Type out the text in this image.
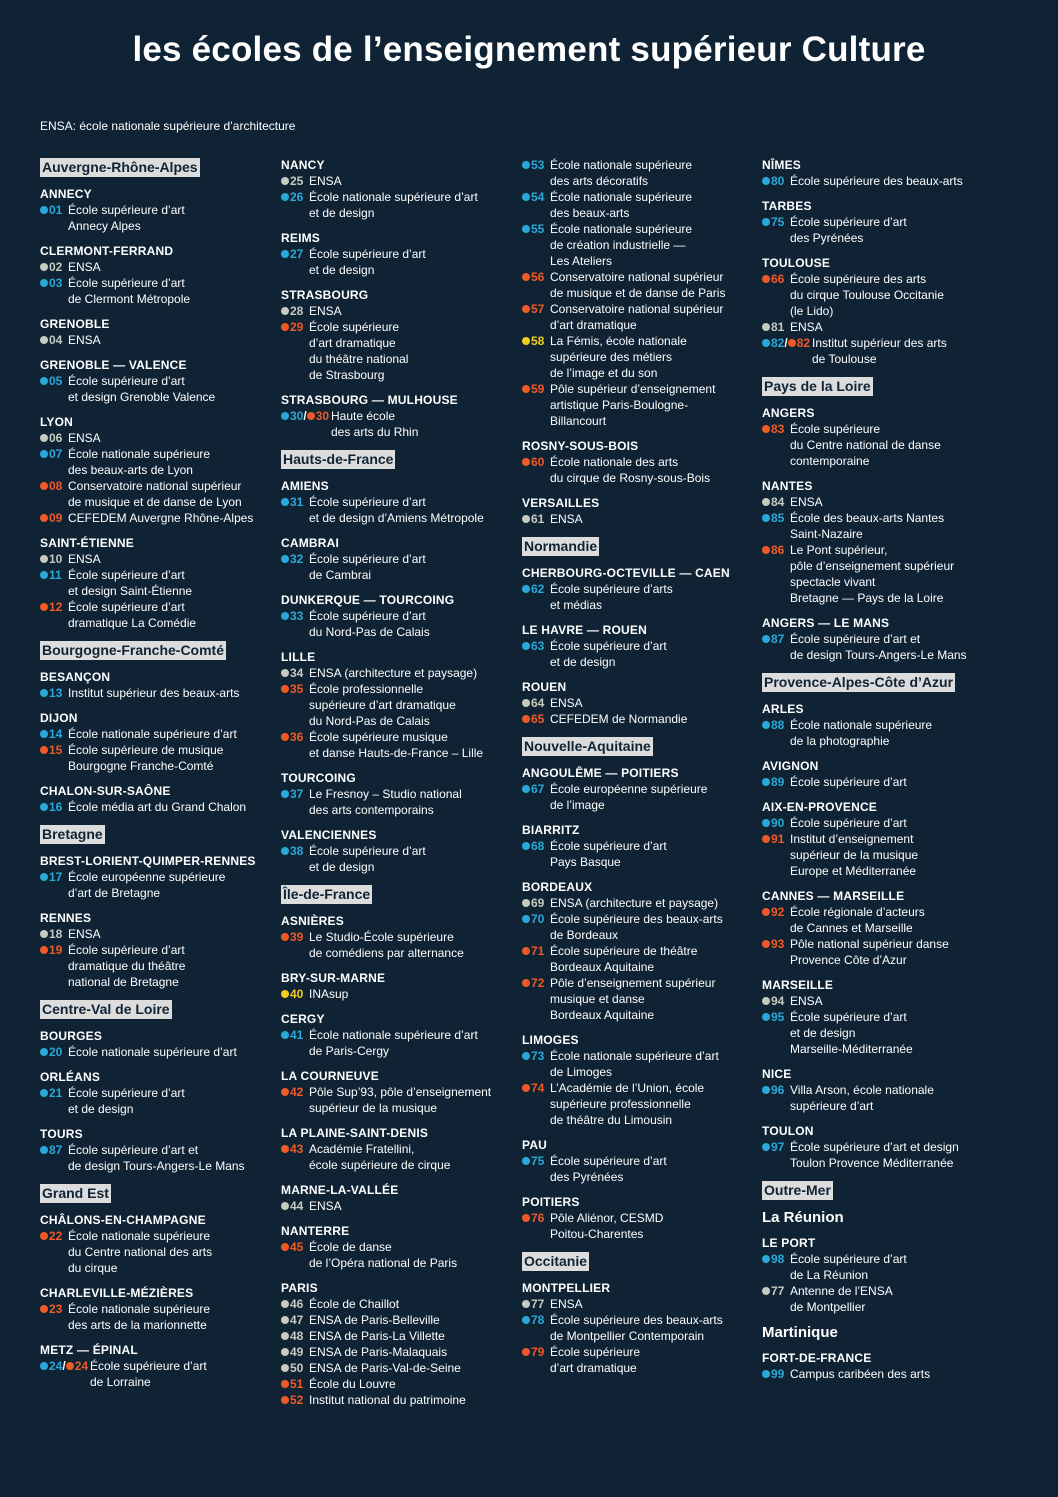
les écoles de l’enseignement supérieur Culture
ENSA: école nationale supérieure d’architecture
Auvergne-Rhône-Alpes
ANNECY
01 École supérieure d’art
Annecy Alpes
CLERMONT-FERRAND
02 ENSA
03 École supérieure d’art
de Clermont Métropole
GRENOBLE
04 ENSA
GRENOBLE — VALENCE
05 École supérieure d’art
et design Grenoble Valence
LYON
06 ENSA
07 École nationale supérieure
des beaux-arts de Lyon
08 Conservatoire national supérieur
de musique et de danse de Lyon
09 CEFEDEM Auvergne Rhône-Alpes
SAINT-ÉTIENNE
10 ENSA
11 École supérieure d’art
et design Saint-Étienne
12 École supérieure d’art
dramatique La Comédie
Bourgogne-Franche-Comté
BESANÇON
13 Institut supérieur des beaux-arts
DIJON
14 École nationale supérieure d’art
15 École supérieure de musique
Bourgogne Franche-Comté
CHALON-SUR-SAÔNE
16 École média art du Grand Chalon
Bretagne
BREST-LORIENT-QUIMPER-RENNES
17 École européenne supérieure
d’art de Bretagne
RENNES
18 ENSA
19 École supérieure d’art
dramatique du théâtre
national de Bretagne
Centre-Val de Loire
BOURGES
20 École nationale supérieure d’art
ORLÉANS
21 École supérieure d’art
et de design
TOURS
87 École supérieure d’art et
de design Tours-Angers-Le Mans
Grand Est
CHÂLONS-EN-CHAMPAGNE
22 École nationale supérieure
du Centre national des arts
du cirque
CHARLEVILLE-MÉZIÈRES
23 École nationale supérieure
des arts de la marionnette
METZ — ÉPINAL
24/ 24 École supérieure d’art
de Lorraine
NANCY
25 ENSA
26 École nationale supérieure d’art
et de design
REIMS
27 École supérieure d’art
et de design
STRASBOURG
28 ENSA
29 École supérieure
d’art dramatique
du théâtre national
de Strasbourg
STRASBOURG — MULHOUSE
30/ 30 Haute école
des arts du Rhin
Hauts-de-France
AMIENS
31 École supérieure d’art
et de design d’Amiens Métropole
CAMBRAI
32 École supérieure d’art
de Cambrai
DUNKERQUE — TOURCOING
33 École supérieure d’art
du Nord-Pas de Calais
LILLE
34 ENSA (architecture et paysage)
35 École professionnelle
supérieure d’art dramatique
du Nord-Pas de Calais
36 École supérieure musique
et danse Hauts-de-France – Lille
TOURCOING
37 Le Fresnoy – Studio national
des arts contemporains
VALENCIENNES
38 École supérieure d’art
et de design
Île-de-France
ASNIÈRES
39 Le Studio-École supérieure
de comédiens par alternance
BRY-SUR-MARNE
40 INAsup
CERGY
41 École nationale supérieure d’art
de Paris-Cergy
LA COURNEUVE
42 Pôle Sup’93, pôle d’enseignement
supérieur de la musique
LA PLAINE-SAINT-DENIS
43 Académie Fratellini,
école supérieure de cirque
MARNE-LA-VALLÉE
44 ENSA
NANTERRE
45 École de danse
de l’Opéra national de Paris
PARIS
46 École de Chaillot
47 ENSA de Paris-Belleville
48 ENSA de Paris-La Villette
49 ENSA de Paris-Malaquais
50 ENSA de Paris-Val-de-Seine
51 École du Louvre
52 Institut national du patrimoine
53 École nationale supérieure
des arts décoratifs
54 École nationale supérieure
des beaux-arts
55 École nationale supérieure
de création industrielle —
Les Ateliers
56 Conservatoire national supérieur
de musique et de danse de Paris
57 Conservatoire national supérieur
d’art dramatique
58 La Fémis, école nationale
supérieure des métiers
de l’image et du son
59 Pôle supérieur d’enseignement
artistique Paris-Boulogne-
Billancourt
ROSNY-SOUS-BOIS
60 École nationale des arts
du cirque de Rosny-sous-Bois
VERSAILLES
61 ENSA
Normandie
CHERBOURG-OCTEVILLE — CAEN
62 École supérieure d’arts
et médias
LE HAVRE — ROUEN
63 École supérieure d’art
et de design
ROUEN
64 ENSA
65 CEFEDEM de Normandie
Nouvelle-Aquitaine
ANGOULÊME — POITIERS
67 École européenne supérieure
de l’image
BIARRITZ
68 École supérieure d’art
Pays Basque
BORDEAUX
69 ENSA (architecture et paysage)
70 École supérieure des beaux-arts
de Bordeaux
71 École supérieure de théâtre
Bordeaux Aquitaine
72 Pôle d’enseignement supérieur
musique et danse
Bordeaux Aquitaine
LIMOGES
73 École nationale supérieure d’art
de Limoges
74 L’Académie de l’Union, école
supérieure professionnelle
de théâtre du Limousin
PAU
75 École supérieure d’art
des Pyrénées
POITIERS
76 Pôle Aliénor, CESMD
Poitou-Charentes
Occitanie
MONTPELLIER
77 ENSA
78 École supérieure des beaux-arts
de Montpellier Contemporain
79 École supérieure
d’art dramatique
NÎMES
80 École supérieure des beaux-arts
TARBES
75 École supérieure d’art
des Pyrénées
TOULOUSE
66 École supérieure des arts
du cirque Toulouse Occitanie
(le Lido)
81 ENSA
82/ 82 Institut supérieur des arts
de Toulouse
Pays de la Loire
ANGERS
83 École supérieure
du Centre national de danse
contemporaine
NANTES
84 ENSA
85 École des beaux-arts Nantes
Saint-Nazaire
86 Le Pont supérieur,
pôle d’enseignement supérieur
spectacle vivant
Bretagne — Pays de la Loire
ANGERS — LE MANS
87 École supérieure d’art et
de design Tours-Angers-Le Mans
Provence-Alpes-Côte d’Azur
ARLES
88 École nationale supérieure
de la photographie
AVIGNON
89 École supérieure d’art
AIX-EN-PROVENCE
90 École supérieure d’art
91 Institut d’enseignement
supérieur de la musique
Europe et Méditerranée
CANNES — MARSEILLE
92 École régionale d’acteurs
de Cannes et Marseille
93 Pôle national supérieur danse
Provence Côte d’Azur
MARSEILLE
94 ENSA
95 École supérieure d’art
et de design
Marseille-Méditerranée
NICE
96 Villa Arson, école nationale
supérieure d’art
TOULON
97 École supérieure d’art et design
Toulon Provence Méditerranée
Outre-Mer
La Réunion
LE PORT
98 École supérieure d’art
de La Réunion
77 Antenne de l’ENSA
de Montpellier
Martinique
FORT-DE-FRANCE
99 Campus caribéen des arts
